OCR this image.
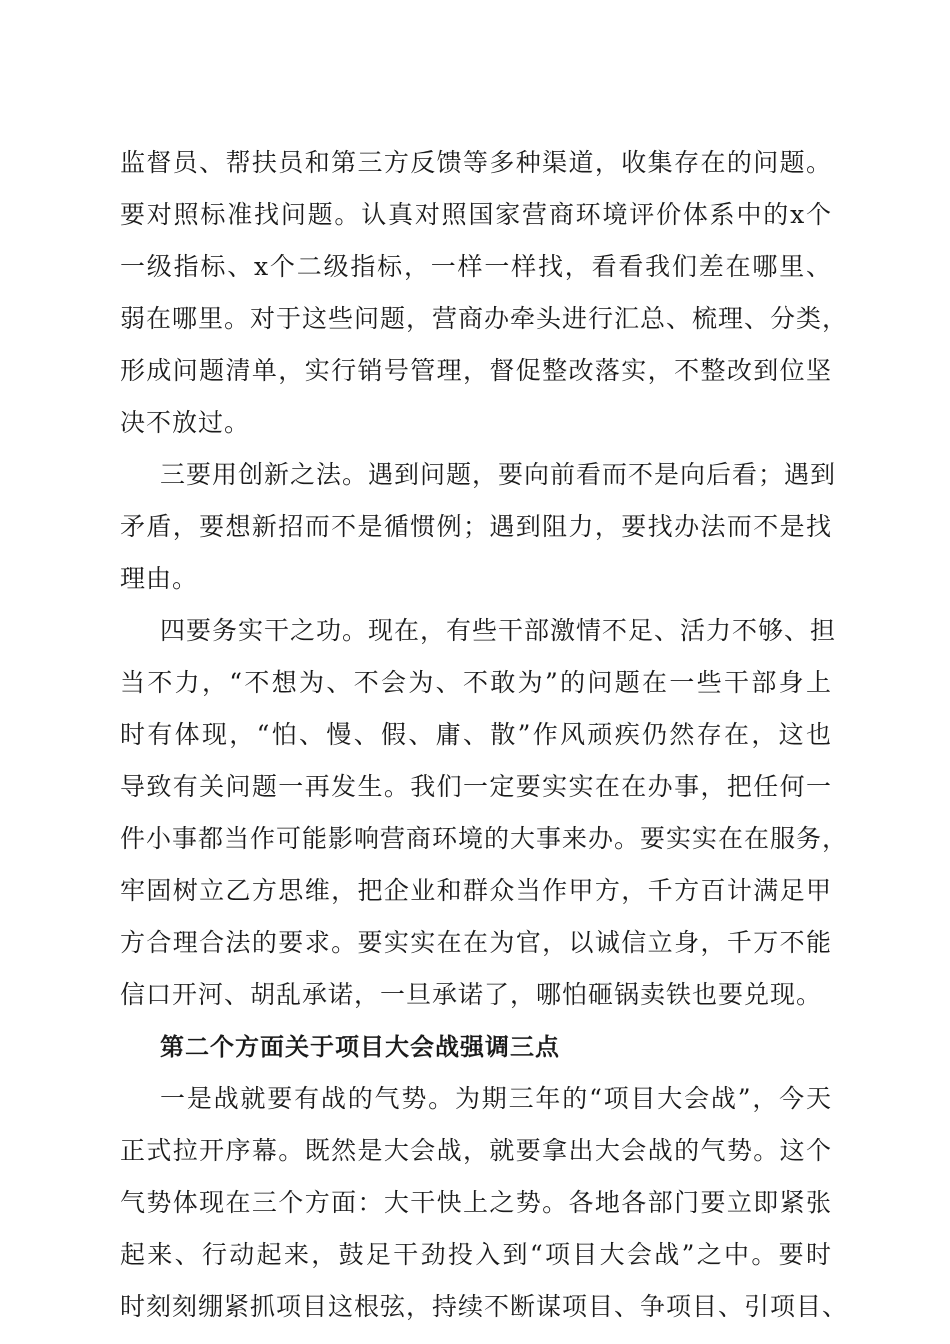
监督员、帮扶员和第三方反馈等多种渠道，收集存在的问题。
要对照标准找问题。认真对照国家营商环境评价体系中的x个
一级指标、x个二级指标，一样一样找，看看我们差在哪里、
弱在哪里。对于这些问题，营商办牵头进行汇总、梳理、分类，
形成问题清单，实行销号管理，督促整改落实，不整改到位坚
决不放过。
三要用创新之法。遇到问题，要向前看而不是向后看；遇到
矛盾，要想新招而不是循惯例；遇到阻力，要找办法而不是找
理由。
四要务实干之功。现在，有些干部激情不足、活力不够、担
当不力，“不想为、不会为、不敢为”的问题在一些干部身上
时有体现，“怕、慢、假、庸、散”作风顽疾仍然存在，这也
导致有关问题一再发生。我们一定要实实在在办事，把任何一
件小事都当作可能影响营商环境的大事来办。要实实在在服务，
牢固树立乙方思维，把企业和群众当作甲方，千方百计满足甲
方合理合法的要求。要实实在在为官，以诚信立身，千万不能
信口开河、胡乱承诺，一旦承诺了，哪怕砸锅卖铁也要兑现。
第二个方面关于项目大会战强调三点
一是战就要有战的气势。为期三年的“项目大会战”，今天
正式拉开序幕。既然是大会战，就要拿出大会战的气势。这个
气势体现在三个方面：大干快上之势。各地各部门要立即紧张
起来、行动起来，鼓足干劲投入到“项目大会战”之中。要时
时刻刻绷紧抓项目这根弦，持续不断谋项目、争项目、引项目、
